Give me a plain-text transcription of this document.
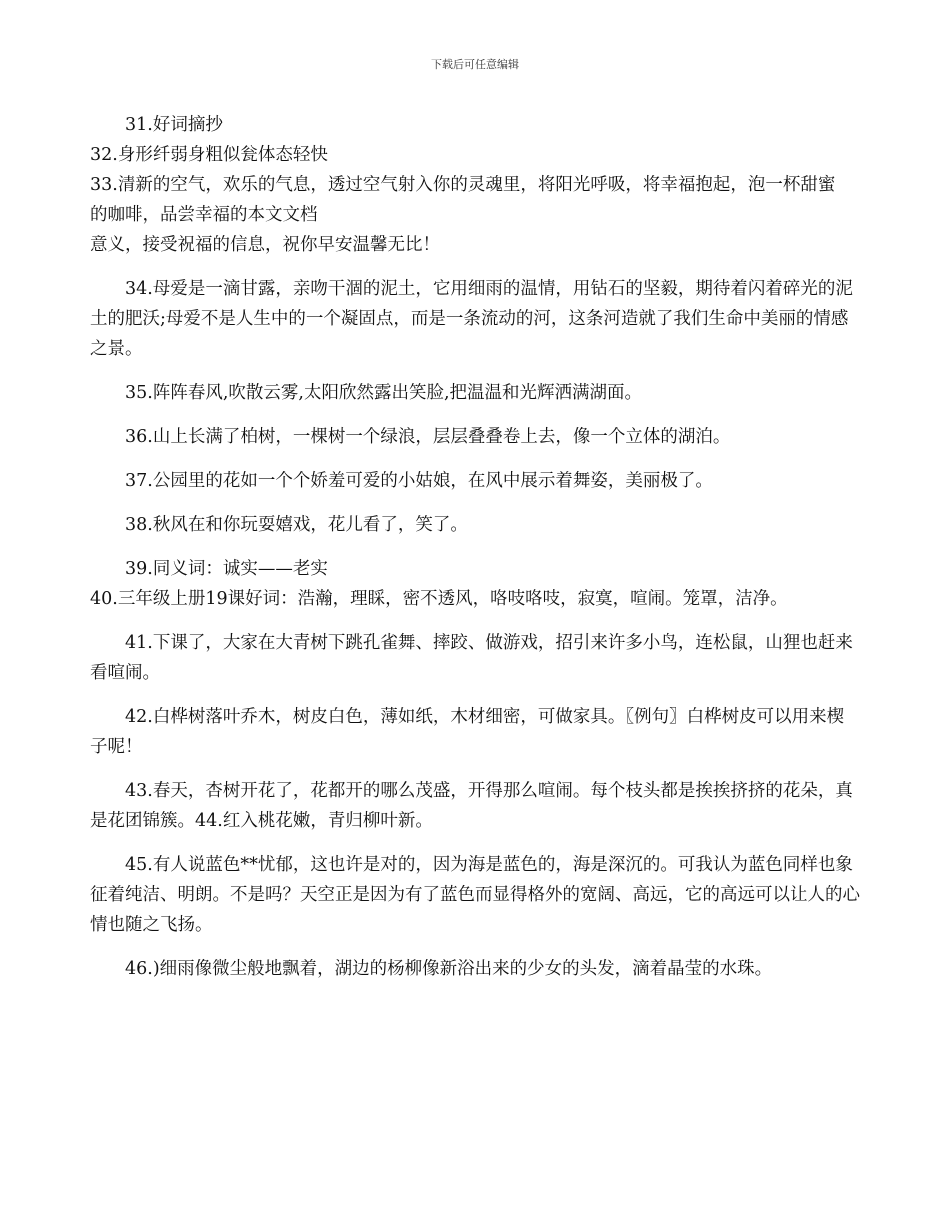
下载后可任意编辑

31.好词摘抄

32.身形纤弱身粗似瓮体态轻快

33.清新的空气，欢乐的气息，透过空气射入你的灵魂里，将阳光呼吸，将幸福抱起，泡一杯甜蜜的咖啡，品尝幸福的本文文档

意义，接受祝福的信息，祝你早安温馨无比！

34.母爱是一滴甘露，亲吻干涸的泥土，它用细雨的温情，用钻石的坚毅，期待着闪着碎光的泥土的肥沃;母爱不是人生中的一个凝固点，而是一条流动的河，这条河造就了我们生命中美丽的情感之景。

35.阵阵春风,吹散云雾,太阳欣然露出笑脸,把温温和光辉洒满湖面。

36.山上长满了柏树，一棵树一个绿浪，层层叠叠卷上去，像一个立体的湖泊。

37.公园里的花如一个个娇羞可爱的小姑娘，在风中展示着舞姿，美丽极了。

38.秋风在和你玩耍嬉戏，花儿看了，笑了。

39.同义词：诚实——老实

40.三年级上册19课好词：浩瀚，理睬，密不透风，咯吱咯吱，寂寞，喧闹。笼罩，洁净。

41.下课了，大家在大青树下跳孔雀舞、摔跤、做游戏，招引来许多小鸟，连松鼠，山狸也赶来看喧闹。

42.白桦树落叶乔木，树皮白色，薄如纸，木材细密，可做家具。〖例句〗白桦树皮可以用来楔子呢！

43.春天，杏树开花了，花都开的哪么茂盛，开得那么喧闹。每个枝头都是挨挨挤挤的花朵，真是花团锦簇。44.红入桃花嫩，青归柳叶新。

45.有人说蓝色**忧郁，这也许是对的，因为海是蓝色的，海是深沉的。可我认为蓝色同样也象征着纯洁、明朗。不是吗？天空正是因为有了蓝色而显得格外的宽阔、高远，它的高远可以让人的心情也随之飞扬。

46.)细雨像微尘般地飘着，湖边的杨柳像新浴出来的少女的头发，滴着晶莹的水珠。
